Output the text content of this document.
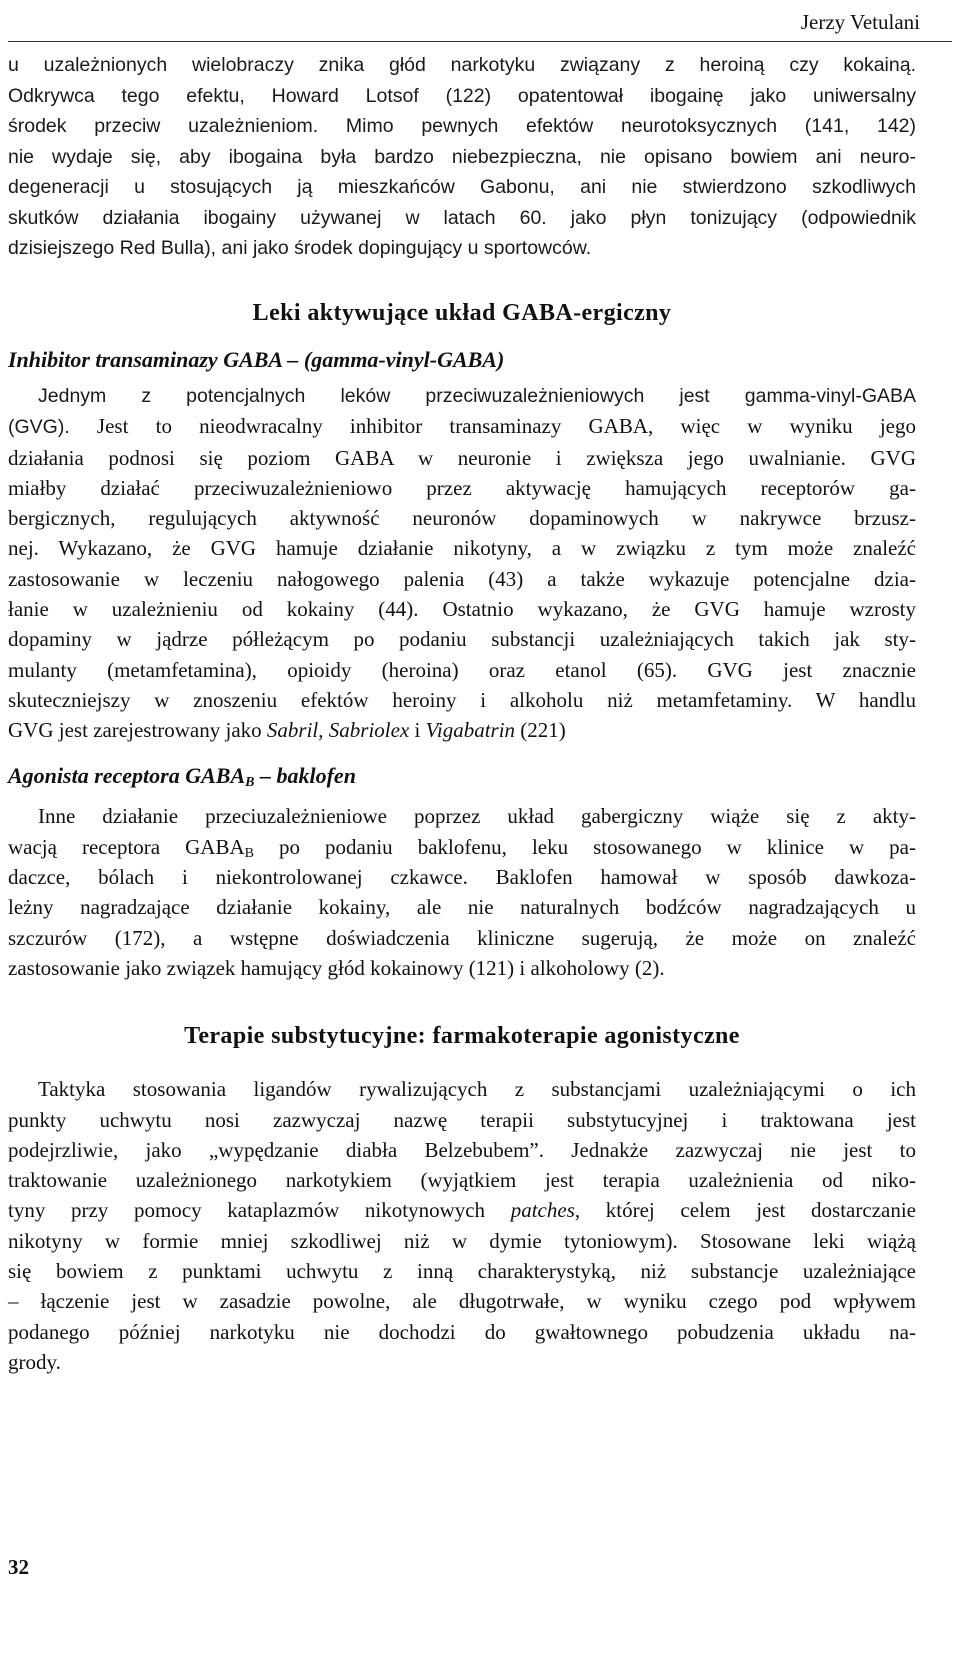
Jerzy Vetulani
u uzależnionych wielobraczy znika głód narkotyku związany z heroiną czy kokainą.
Odkrywca tego efektu, Howard Lotsof (122) opatentował ibogainę jako uniwersalny
środek przeciw uzależnieniom. Mimo pewnych efektów neurotoksycznych (141, 142)
nie wydaje się, aby ibogaina była bardzo niebezpieczna, nie opisano bowiem ani neuro-
degeneracji u stosujących ją mieszkańców Gabonu, ani nie stwierdzono szkodliwych
skutków działania ibogainy używanej w latach 60. jako płyn tonizujący (odpowiednik
dzisiejszego Red Bulla), ani jako środek dopingujący u sportowców.
Leki aktywujące układ GABA-ergiczny
Inhibitor transaminazy GABA – (gamma-vinyl-GABA)
Jednym z potencjalnych leków przeciwuzależnieniowych jest gamma-vinyl-GABA
(GVG). Jest to nieodwracalny inhibitor transaminazy GABA, więc w wyniku jego
działania podnosi się poziom GABA w neuronie i zwiększa jego uwalnianie. GVG
miałby działać przeciwuzależnieniowo przez aktywację hamujących receptorów ga-
bergicznych, regulujących aktywność neuronów dopaminowych w nakrywce brzusz-
nej. Wykazano, że GVG hamuje działanie nikotyny, a w związku z tym może znaleźć
zastosowanie w leczeniu nałogowego palenia (43) a także wykazuje potencjalne dzia-
łanie w uzależnieniu od kokainy (44). Ostatnio wykazano, że GVG hamuje wzrosty
dopaminy w jądrze półleżącym po podaniu substancji uzależniających takich jak sty-
mulanty (metamfetamina), opioidy (heroina) oraz etanol (65). GVG jest znacznie
skuteczniejszy w znoszeniu efektów heroiny i alkoholu niż metamfetaminy. W handlu
GVG jest zarejestrowany jako Sabril, Sabriolex i Vigabatrin (221)
Agonista receptora $GABA_B$ – baklofen
Inne działanie przeciuzależnieniowe poprzez układ gabergiczny wiąże się z akty-
wacją receptora $GABA_B$ po podaniu baklofenu, leku stosowanego w klinice w pa-
daczce, bólach i niekontrolowanej czkawce. Baklofen hamował w sposób dawkoza-
leżny nagradzające działanie kokainy, ale nie naturalnych bodźców nagradzających u
szczurów (172), a wstępne doświadczenia kliniczne sugerują, że może on znaleźć
zastosowanie jako związek hamujący głód kokainowy (121) i alkoholowy (2).
Terapie substytucyjne: farmakoterapie agonistyczne
Taktyka stosowania ligandów rywalizujących z substancjami uzależniającymi o ich
punkty uchwytu nosi zazwyczaj nazwę terapii substytucyjnej i traktowana jest
podejrzliwie, jako „wypędzanie diabła Belzebubem”. Jednakże zazwyczaj nie jest to
traktowanie uzależnionego narkotykiem (wyjątkiem jest terapia uzależnienia od niko-
tyny przy pomocy kataplazmów nikotynowych patches, której celem jest dostarczanie
nikotyny w formie mniej szkodliwej niż w dymie tytoniowym). Stosowane leki wiążą
się bowiem z punktami uchwytu z inną charakterystyką, niż substancje uzależniające
– łączenie jest w zasadzie powolne, ale długotrwałe, w wyniku czego pod wpływem
podanego później narkotyku nie dochodzi do gwałtownego pobudzenia układu na-
grody.
32
